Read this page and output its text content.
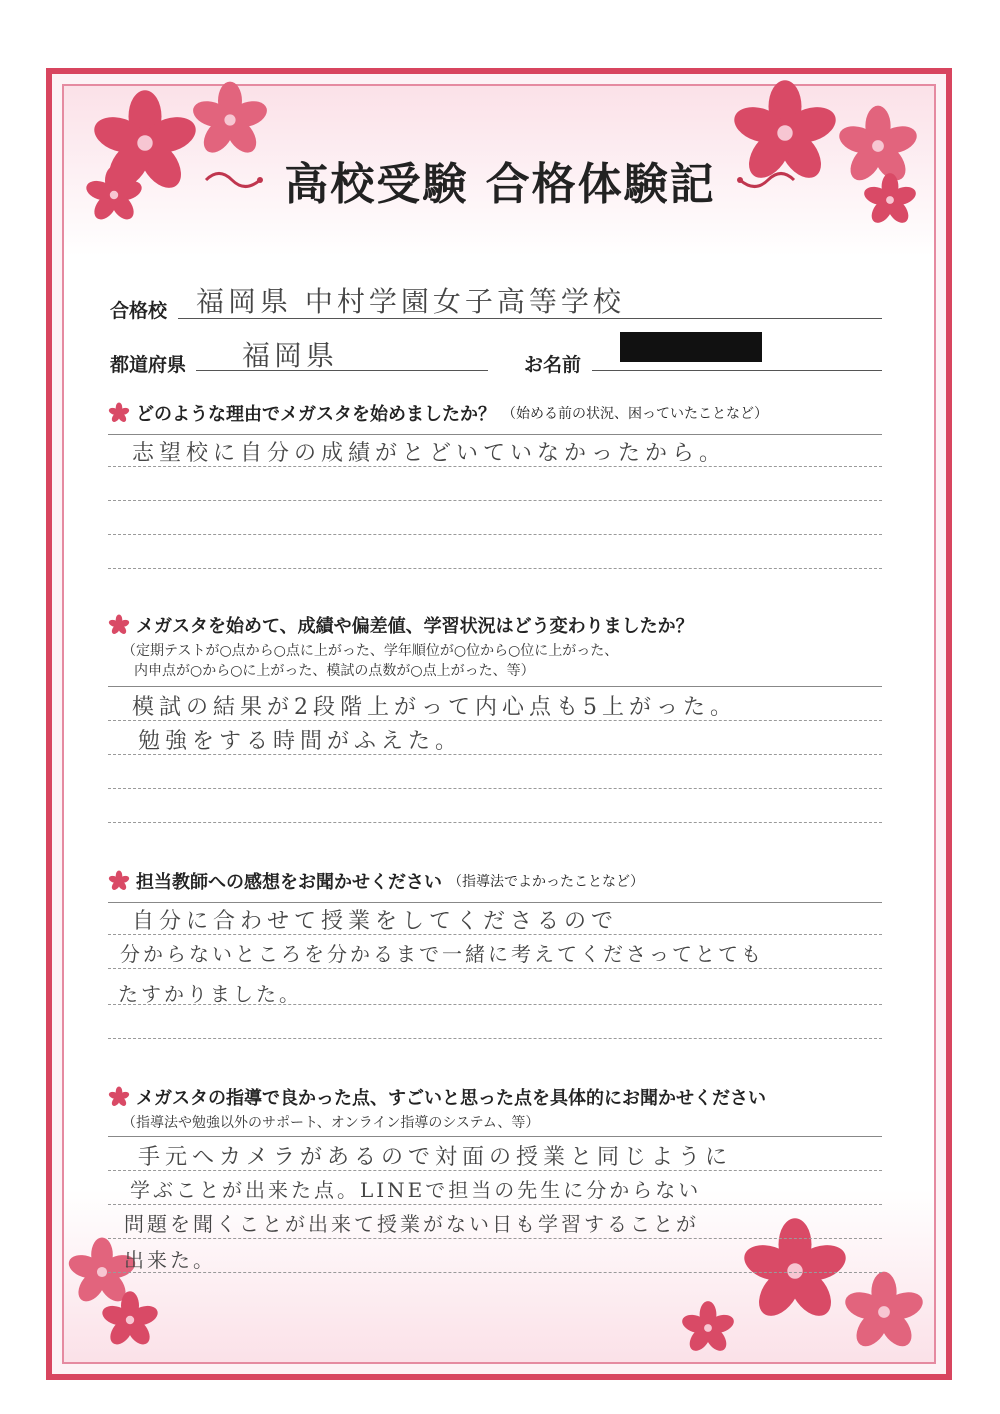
高校受験 合格体験記
合格校 福岡県 中村学園女子高等学校
都道府県 福岡県	お名前
どのような理由でメガスタを始めましたか？ （始める前の状況、困っていたことなど）
志望校に自分の成績がとどいていなかったから。
メガスタを始めて、成績や偏差値、学習状況はどう変わりましたか？
（定期テストが○点から○点に上がった、学年順位が○位から○位に上がった、
内申点が○から○に上がった、模試の点数が○点上がった、等）
模試の結果が2段階上がって内心点も5上がった。
勉強をする時間がふえた。
担当教師への感想をお聞かせください （指導法でよかったことなど）
自分に合わせて授業をしてくださるので
分からないところを分かるまで一緒に考えてくださってとても
たすかりました。
メガスタの指導で良かった点、すごいと思った点を具体的にお聞かせください
（指導法や勉強以外のサポート、オンライン指導のシステム、等）
手元へカメラがあるので対面の授業と同じように
学ぶことが出来た点。LINEで担当の先生に分からない
問題を聞くことが出来て授業がない日も学習することが
出来た。
